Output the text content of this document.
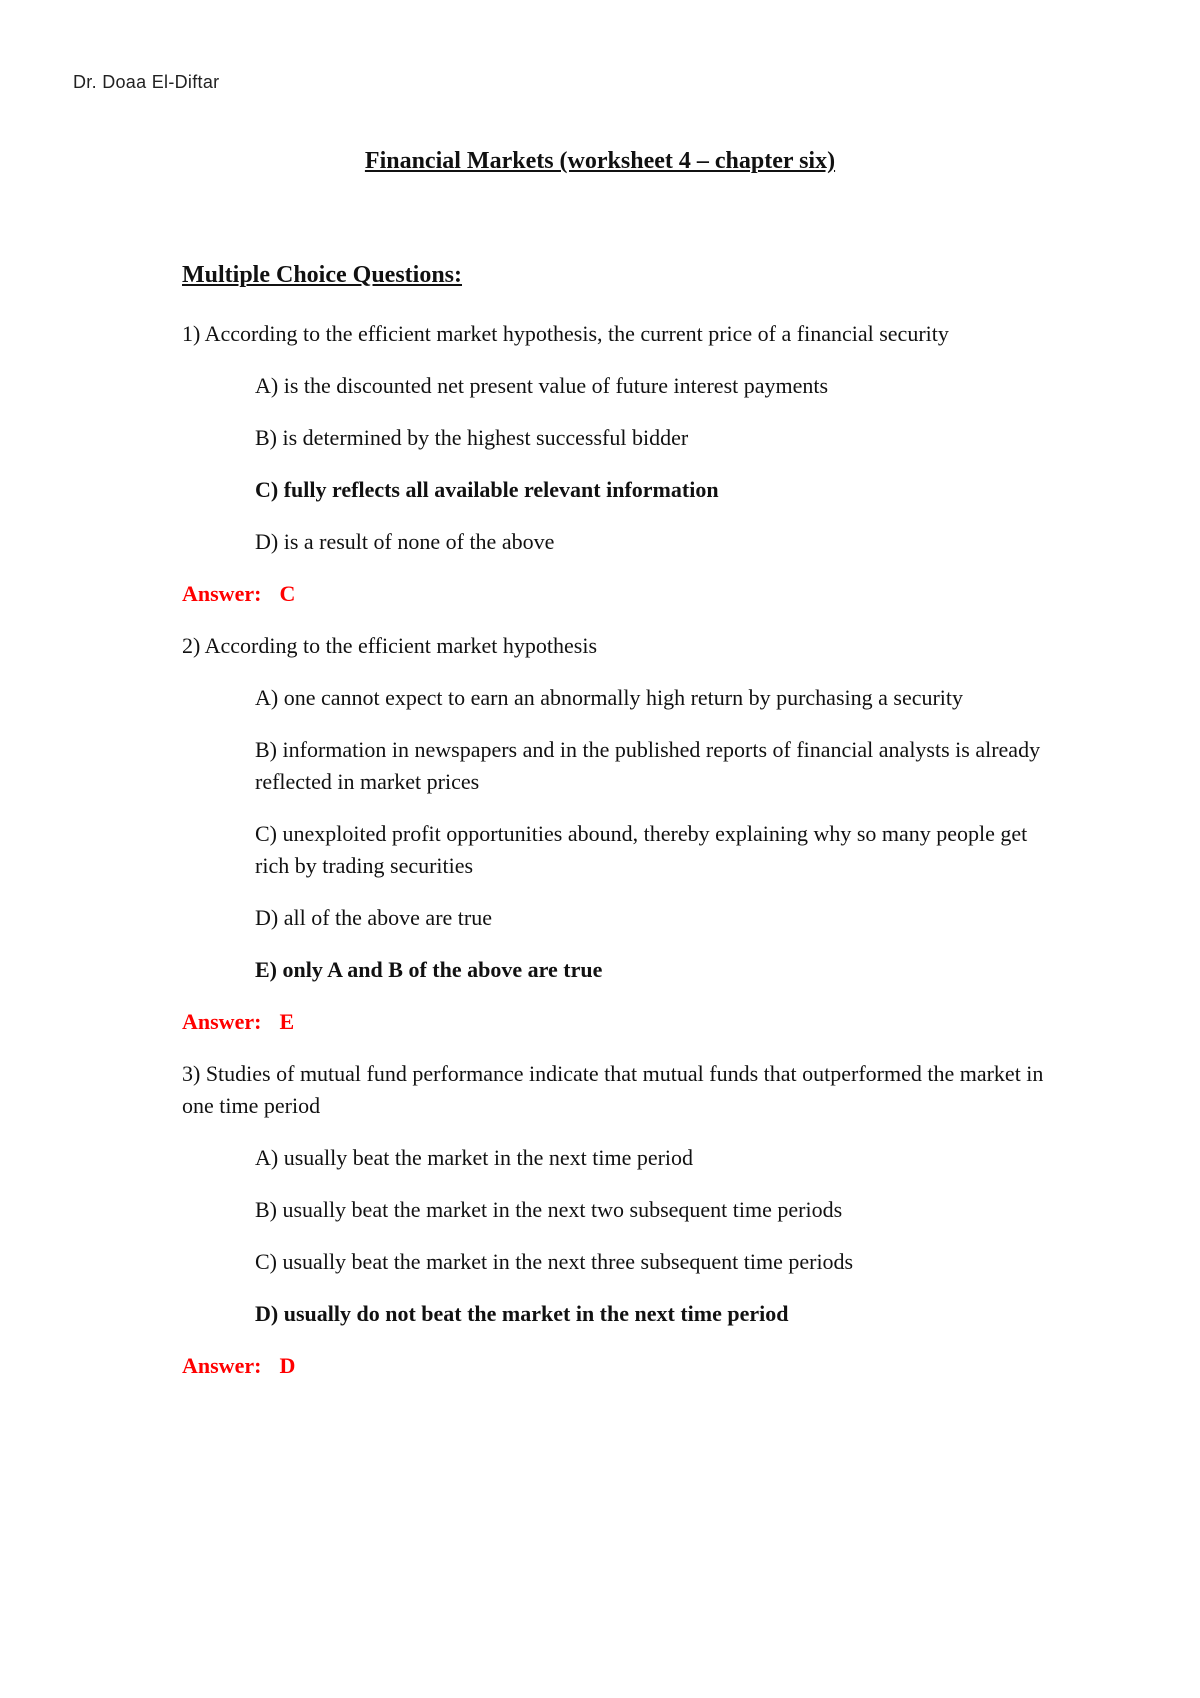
Dr. Doaa El-Diftar
Financial Markets (worksheet 4 – chapter six)
Multiple Choice Questions:

1) According to the efficient market hypothesis, the current price of a financial security

A) is the discounted net present value of future interest payments

B) is determined by the highest successful bidder

C) fully reflects all available relevant information

D) is a result of none of the above

Answer: C

2) According to the efficient market hypothesis

A) one cannot expect to earn an abnormally high return by purchasing a security

B) information in newspapers and in the published reports of financial analysts is already reflected in market prices

C) unexploited profit opportunities abound, thereby explaining why so many people get rich by trading securities

D) all of the above are true

E) only A and B of the above are true

Answer: E

3) Studies of mutual fund performance indicate that mutual funds that outperformed the market in one time period

A) usually beat the market in the next time period

B) usually beat the market in the next two subsequent time periods

C) usually beat the market in the next three subsequent time periods

D) usually do not beat the market in the next time period

Answer: D
